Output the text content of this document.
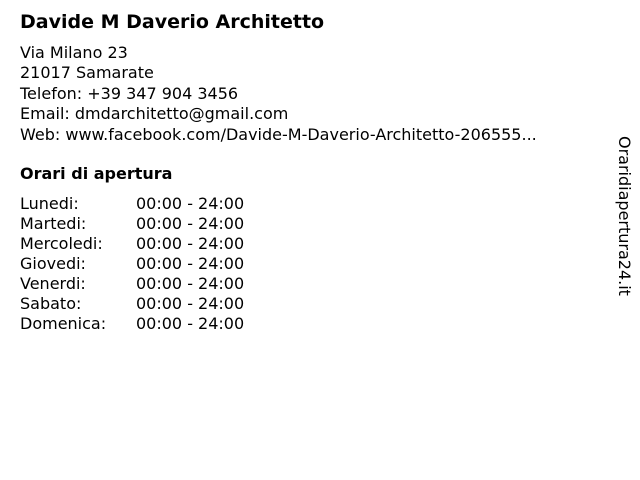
Davide M Daverio Architetto
Via Milano 23
21017 Samarate
Telefon: +39 347 904 3456
Email: dmdarchitetto@gmail.com
Web: www.facebook.com/Davide-M-Daverio-Architetto-206555...
Orari di apertura
Lunedi:	00:00 - 24:00
Martedi:	00:00 - 24:00
Mercoledi:	00:00 - 24:00
Giovedi:	00:00 - 24:00
Venerdi:	00:00 - 24:00
Sabato:	00:00 - 24:00
Domenica:	00:00 - 24:00
Oraridiapertura24.it
